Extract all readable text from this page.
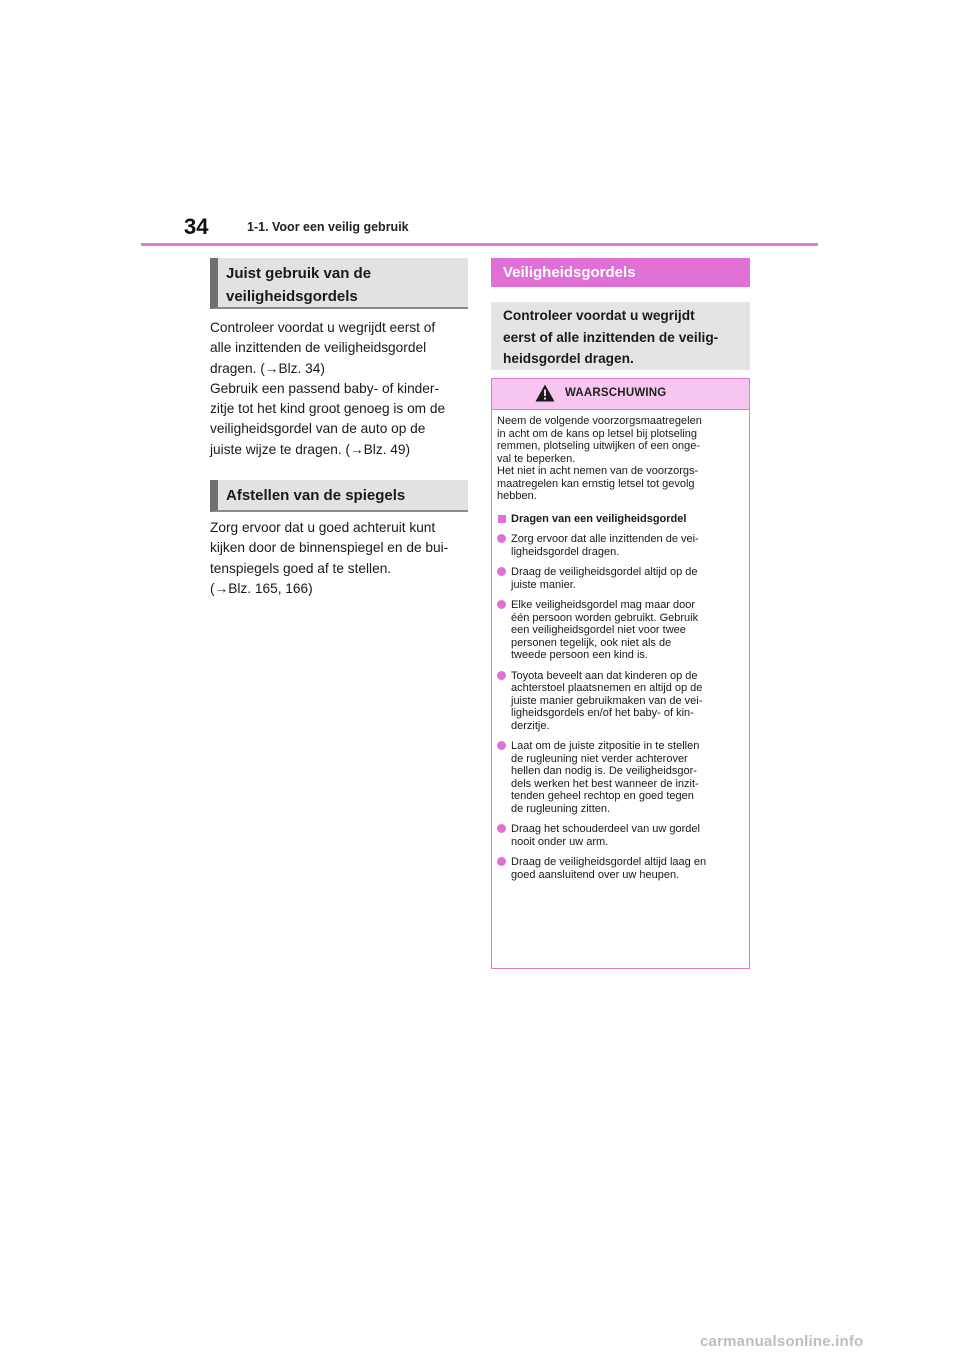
34	1-1. Voor een veilig gebruik
Juist gebruik van de veiligheidsgordels

Controleer voordat u wegrijdt eerst of

alle inzittenden de veiligheidsgordel

dragen. (→Blz. 34)

Gebruik een passend baby- of kinder-

zitje tot het kind groot genoeg is om de

veiligheidsgordel van de auto op de

juiste wijze te dragen. (→Blz. 49)

Afstellen van de spiegels

Zorg ervoor dat u goed achteruit kunt

kijken door de binnenspiegel en de bui-

tenspiegels goed af te stellen.

(→Blz. 165, 166)

Veiligheidsgordels
Controleer voordat u wegrijdt
eerst of alle inzittenden de veilig-
heidsgordel dragen.
WAARSCHUWING

Neem de volgende voorzorgsmaatregelen

in acht om de kans op letsel bij plotseling

remmen, plotseling uitwijken of een onge-

val te beperken.

Het niet in acht nemen van de voorzorgs-

maatregelen kan ernstig letsel tot gevolg

hebben.

Dragen van een veiligheidsgordel
Zorg ervoor dat alle inzittenden de vei-
ligheidsgordel dragen.
Draag de veiligheidsgordel altijd op de
juiste manier.
Elke veiligheidsgordel mag maar door
één persoon worden gebruikt. Gebruik
een veiligheidsgordel niet voor twee
personen tegelijk, ook niet als de
tweede persoon een kind is.
Toyota beveelt aan dat kinderen op de
achterstoel plaatsnemen en altijd op de
juiste manier gebruikmaken van de vei-
ligheidsgordels en/of het baby- of kin-
derzitje.
Laat om de juiste zitpositie in te stellen
de rugleuning niet verder achterover
hellen dan nodig is. De veiligheidsgor-
dels werken het best wanneer de inzit-
tenden geheel rechtop en goed tegen
de rugleuning zitten.
Draag het schouderdeel van uw gordel
nooit onder uw arm.
Draag de veiligheidsgordel altijd laag en
goed aansluitend over uw heupen.
carmanualsonline.info
